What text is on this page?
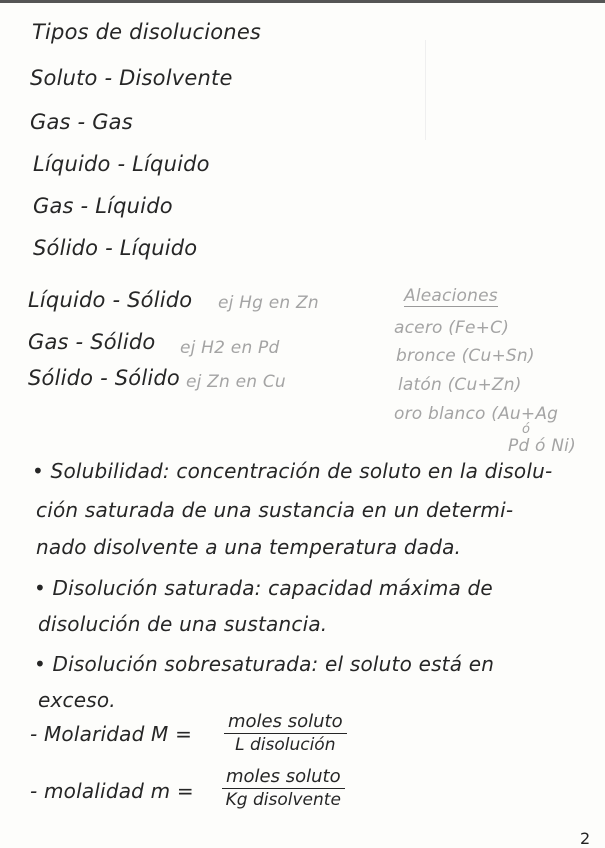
Tipos de disoluciones
Soluto - Disolvente
Gas - Gas
Líquido - Líquido
Gas - Líquido
Sólido - Líquido
Líquido - Sólido
Gas - Sólido
Sólido - Sólido
ej Hg en Zn
ej H2 en Pd
ej Zn en Cu
Aleaciones
acero (Fe+C)
bronce (Cu+Sn)
latón (Cu+Zn)
oro blanco (Au+Ag
ó
Pd ó Ni)
• Solubilidad: concentración de soluto en la disolu-
ción saturada de una sustancia en un determi-
nado disolvente a una temperatura dada.
• Disolución saturada: capacidad máxima de
disolución de una sustancia.
• Disolución sobresaturada: el soluto está en
exceso.
- Molaridad M =
moles soluto
L disolución
- molalidad m =
moles soluto
Kg disolvente
2
